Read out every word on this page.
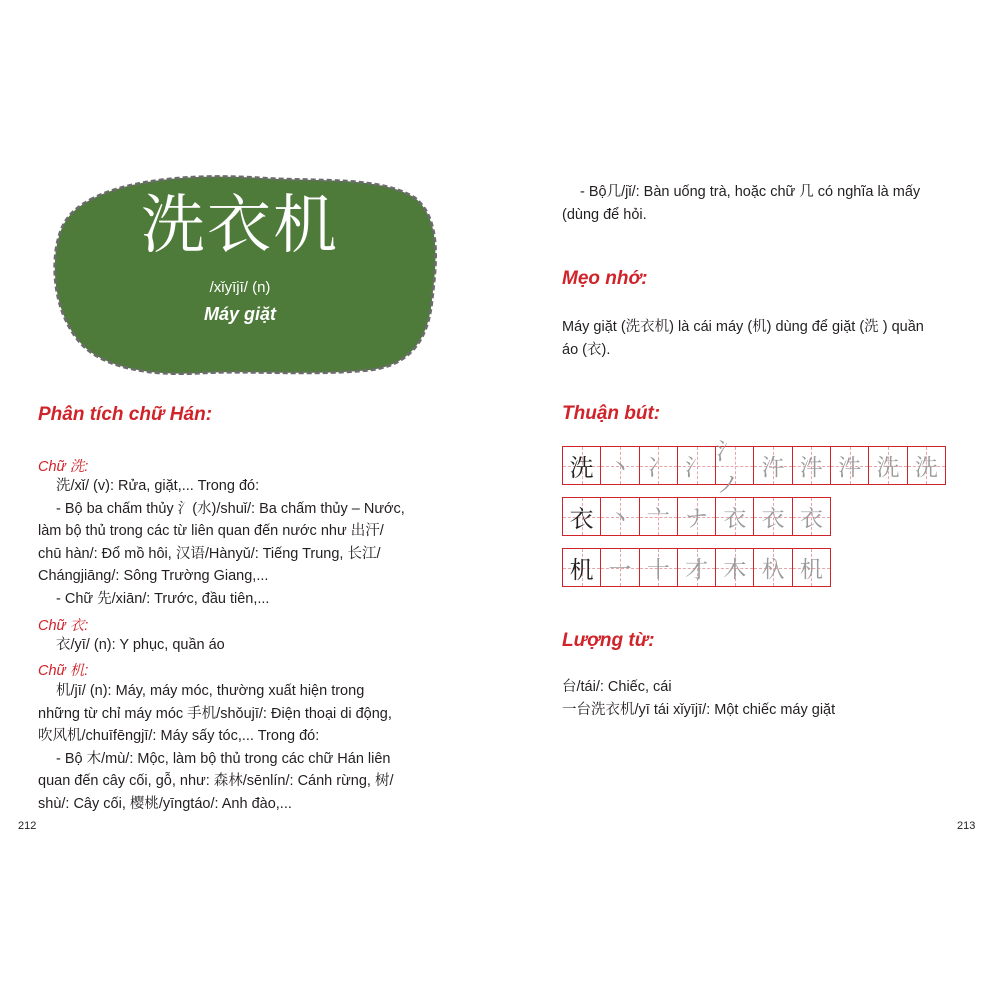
洗衣机
/xǐyījī/ (n)
Máy giặt
Phân tích chữ Hán:
Chữ 洗:
洗/xǐ/ (v): Rửa, giặt,... Trong đó:
- Bộ ba chấm thủy 氵(水)/shuǐ/: Ba chấm thủy – Nước,
làm bộ thủ trong các từ liên quan đến nước như 出汗/
chū hàn/: Đổ mồ hôi, 汉语/Hànyǔ/: Tiếng Trung, 长江/
Chángjiāng/: Sông Trường Giang,...
- Chữ 先/xiān/: Trước, đầu tiên,...
Chữ 衣:
衣/yī/ (n): Y phục, quần áo
Chữ 机:
机/jī/ (n): Máy, máy móc, thường xuất hiện trong
những từ chỉ máy móc 手机/shǒujī/: Điện thoại di động,
吹风机/chuīfēngjī/: Máy sấy tóc,... Trong đó:
- Bộ 木/mù/: Mộc, làm bộ thủ trong các chữ Hán liên
quan đến cây cối, gỗ, như: 森林/sēnlín/: Cánh rừng, 树/
shù/: Cây cối, 樱桃/yīngtáo/: Anh đào,...
212
- Bộ几/jǐ/: Bàn uống trà, hoặc chữ 几 có nghĩa là mấy
(dùng để hỏi.
Mẹo nhớ:
Máy giặt (洗衣机) là cái máy (机) dùng để giặt (洗 ) quần
áo (衣).
Thuận bút:
Lượng từ:
台/tái/: Chiếc, cái
一台洗衣机/yī tái xǐyījī/: Một chiếc máy giặt
213
洗 丶 冫 氵
氵ノ
汻 汼 汼 洗 洗
衣 丶 亠 ナ 衣 衣 衣
机 一 十 才 木 杁 机
